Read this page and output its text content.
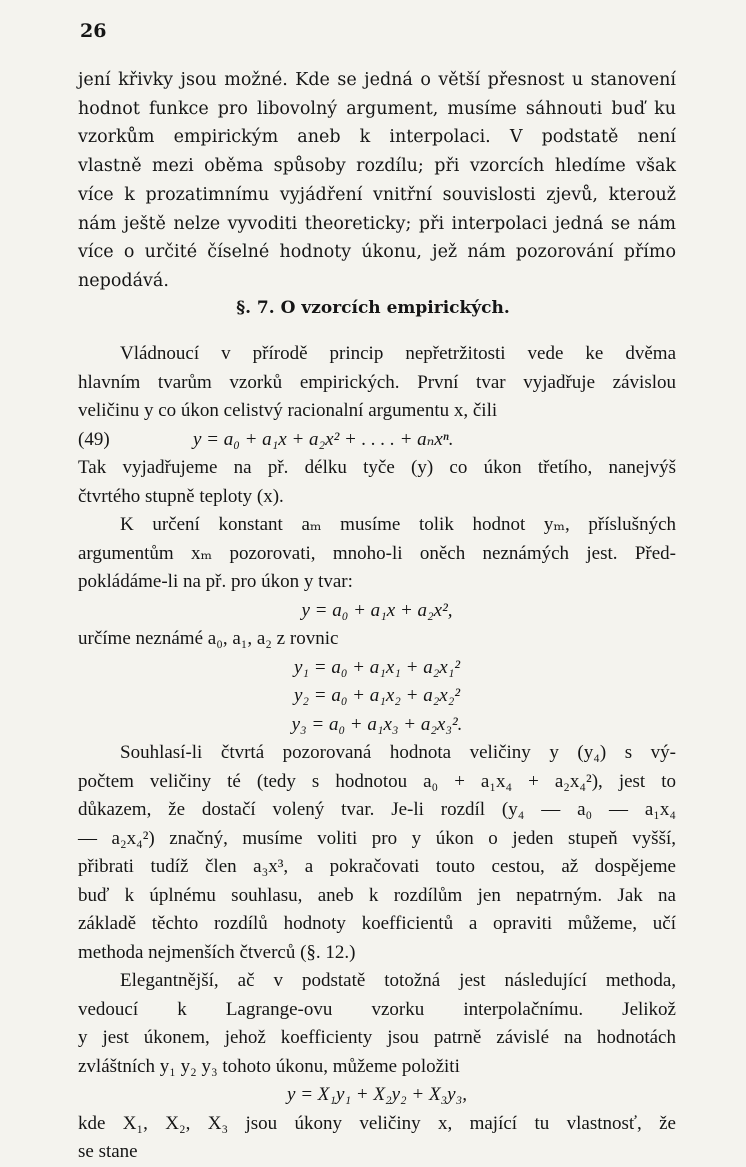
26
jení křivky jsou možné. Kde se jedná o větší přesnost u stanovení
hodnot funkce pro libovolný argument, musíme sáhnouti buď ku
vzorkům empirickým aneb k interpolaci. V podstatě není
vlastně mezi oběma spůsoby rozdílu; při vzorcích hledíme však
více k prozatimnímu vyjádření vnitřní souvislosti zjevů, kterouž
nám ještě nelze vyvoditi theoreticky; při interpolaci jedná se nám
více o určité číselné hodnoty úkonu, jež nám pozorování přímo
nepodává.
§. 7. O vzorcích empirických.
Vládnoucí v přírodě princip nepřetržitosti vede ke dvěma
hlavním tvarům vzorků empirických. První tvar vyjadřuje závislou
veličinu y co úkon celistvý racionalní argumentu x, čili
(49)	y = a₀ + a₁x + a₂x² + . . . . + aₙxⁿ.
Tak vyjadřujeme na př. délku tyče (y) co úkon třetího, nanejvýš
čtvrtého stupně teploty (x).
K určení konstant aₘ musíme tolik hodnot yₘ, příslušných
argumentům xₘ pozorovati, mnoho-li oněch neznámých jest. Před-
pokládáme-li na př. pro úkon y tvar:
y = a₀ + a₁x + a₂x²,
určíme neznámé a₀, a₁, a₂ z rovnic
y₁ = a₀ + a₁x₁ + a₂x₁²
y₂ = a₀ + a₁x₂ + a₂x₂²
y₃ = a₀ + a₁x₃ + a₂x₃².
Souhlasí-li čtvrtá pozorovaná hodnota veličiny y (y₄) s vý-
počtem veličiny té (tedy s hodnotou a₀ + a₁x₄ + a₂x₄²), jest to
důkazem, že dostačí volený tvar. Je-li rozdíl (y₄ — a₀ — a₁x₄
— a₂x₄²) značný, musíme voliti pro y úkon o jeden stupeň vyšší,
přibrati tudíž člen a₃x³, a pokračovati touto cestou, až dospějeme
buď k úplnému souhlasu, aneb k rozdílům jen nepatrným. Jak na
základě těchto rozdílů hodnoty koefficientů a opraviti můžeme, učí
methoda nejmenších čtverců (§. 12.)
Elegantnější, ač v podstatě totožná jest následující methoda,
vedoucí k Lagrange-ovu vzorku interpolačnímu. Jelikož
y jest úkonem, jehož koefficienty jsou patrně závislé na hodnotách
zvláštních y₁ y₂ y₃ tohoto úkonu, můžeme položiti
y = X₁y₁ + X₂y₂ + X₃y₃,
kde X₁, X₂, X₃ jsou úkony veličiny x, mající tu vlastnosť, že
se stane
